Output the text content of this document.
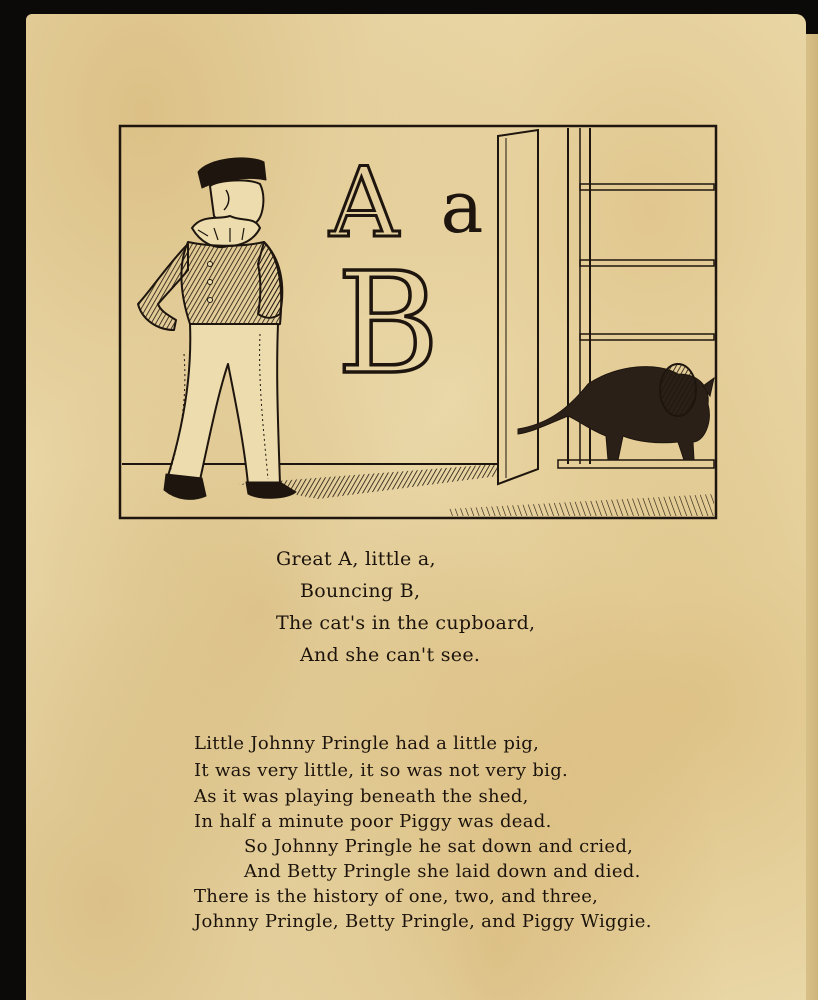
A a
B

Great A, little a,

Bouncing B,

The cat's in the cupboard,

And she can't see.

Little Johnny Pringle had a little pig,

It was very little, it so was not very big.

As it was playing beneath the shed,

In half a minute poor Piggy was dead.

So Johnny Pringle he sat down and cried,

And Betty Pringle she laid down and died.

There is the history of one, two, and three,

Johnny Pringle, Betty Pringle, and Piggy Wiggie.
